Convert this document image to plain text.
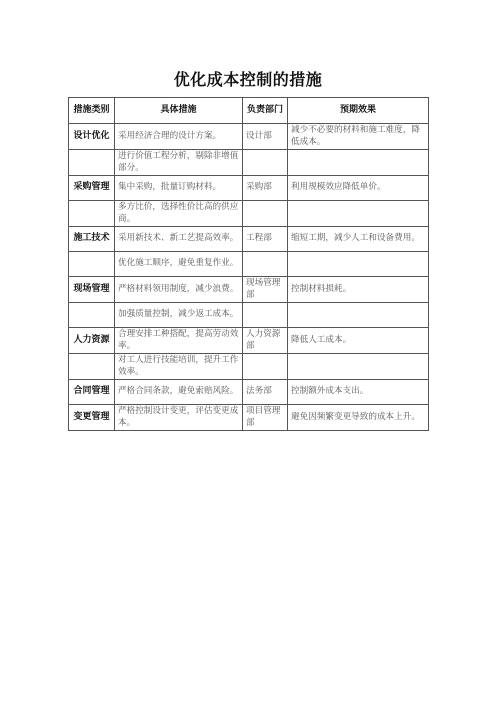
优化成本控制的措施
措施类别	具体措施	负责部门	预期效果
设计优化	采用经济合理的设计方案。	设计部	减少不必要的材料和施工难度，降低成本。
	进行价值工程分析，剔除非增值部分。		
采购管理	集中采购，批量订购材料。	采购部	利用规模效应降低单价。
	多方比价，选择性价比高的供应商。		
施工技术	采用新技术、新工艺提高效率。	工程部	缩短工期，减少人工和设备费用。
	优化施工顺序，避免重复作业。		
现场管理	严格材料领用制度，减少浪费。	现场管理部	控制材料损耗。
	加强质量控制，减少返工成本。		
人力资源	合理安排工种搭配，提高劳动效率。	人力资源部	降低人工成本。
	对工人进行技能培训，提升工作效率。		
合同管理	严格合同条款，避免索赔风险。	法务部	控制额外成本支出。
变更管理	严格控制设计变更，评估变更成本。	项目管理部	避免因频繁变更导致的成本上升。
